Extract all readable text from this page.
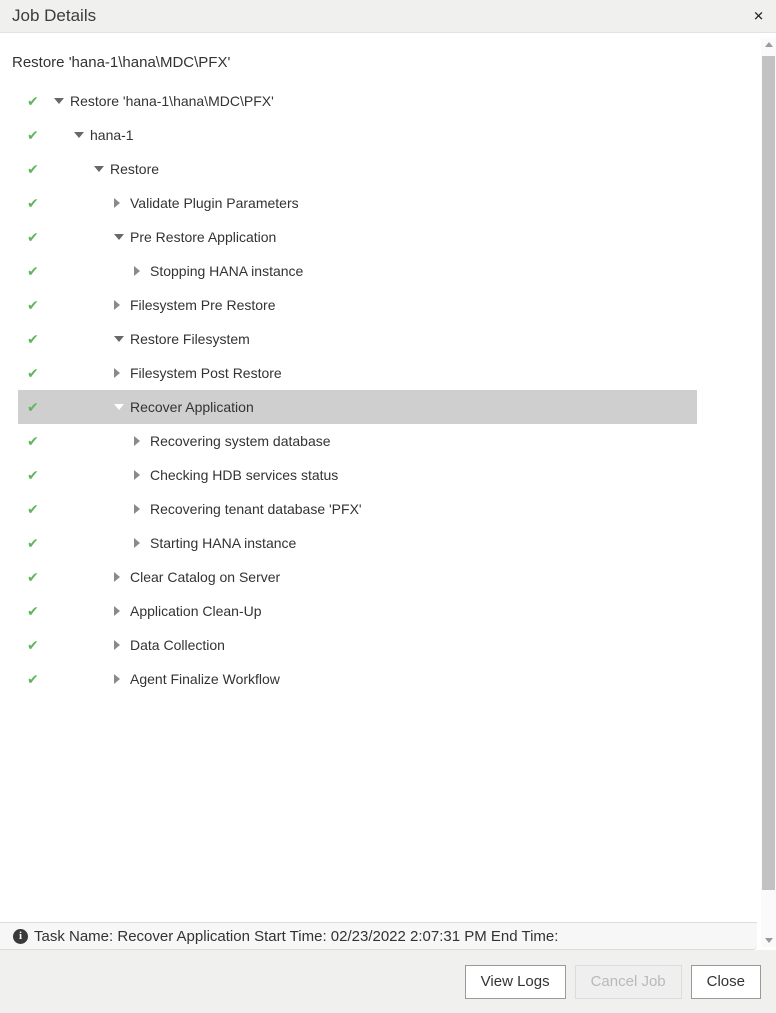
Job Details	✕
Restore 'hana-1\hana\MDC\PFX'
✔ Restore 'hana-1\hana\MDC\PFX'
✔	hana-1
✔	Restore
✔	Validate Plugin Parameters
✔	Pre Restore Application
✔	Stopping HANA instance
✔	Filesystem Pre Restore
✔	Restore Filesystem
✔	Filesystem Post Restore
✔	Recover Application
✔	Recovering system database
✔	Checking HDB services status
✔	Recovering tenant database 'PFX'
✔	Starting HANA instance
✔	Clear Catalog on Server
✔	Application Clean-Up
✔	Data Collection
✔	Agent Finalize Workflow
i Task Name: Recover Application Start Time: 02/23/2022 2:07:31 PM End Time:
View Logs	Cancel Job	Close
